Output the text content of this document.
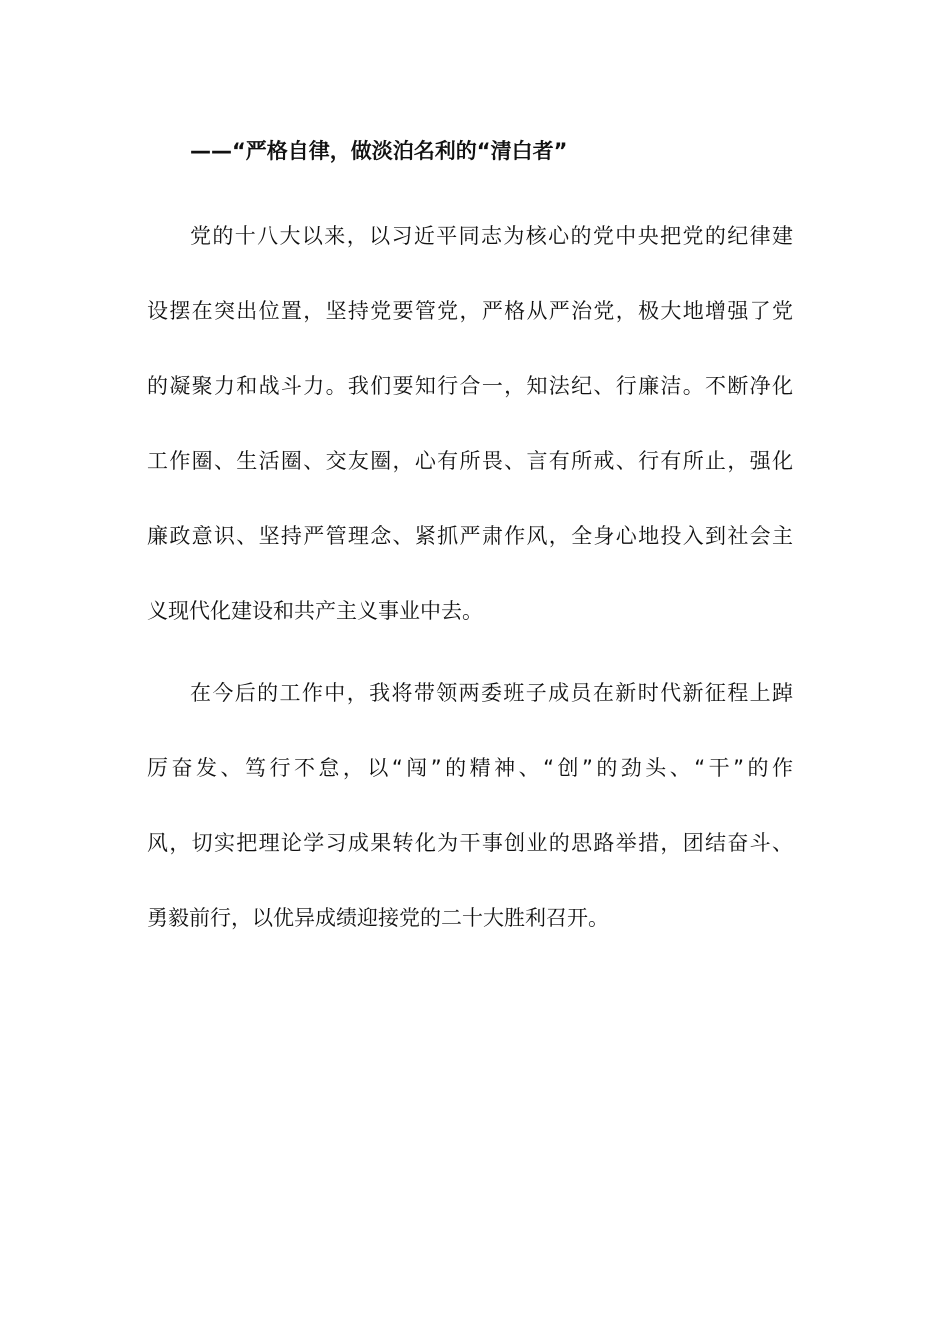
——“严格自律，做淡泊名利的“清白者”
党的十八大以来，以习近平同志为核心的党中央把党的纪律建
设摆在突出位置，坚持党要管党，严格从严治党，极大地增强了党
的凝聚力和战斗力。我们要知行合一，知法纪、行廉洁。不断净化
工作圈、生活圈、交友圈，心有所畏、言有所戒、行有所止，强化
廉政意识、坚持严管理念、紧抓严肃作风，全身心地投入到社会主
义现代化建设和共产主义事业中去。
在今后的工作中，我将带领两委班子成员在新时代新征程上踔
厉奋发、笃行不怠，以“闯”的精神、“创”的劲头、“干”的作
风，切实把理论学习成果转化为干事创业的思路举措，团结奋斗、
勇毅前行，以优异成绩迎接党的二十大胜利召开。
